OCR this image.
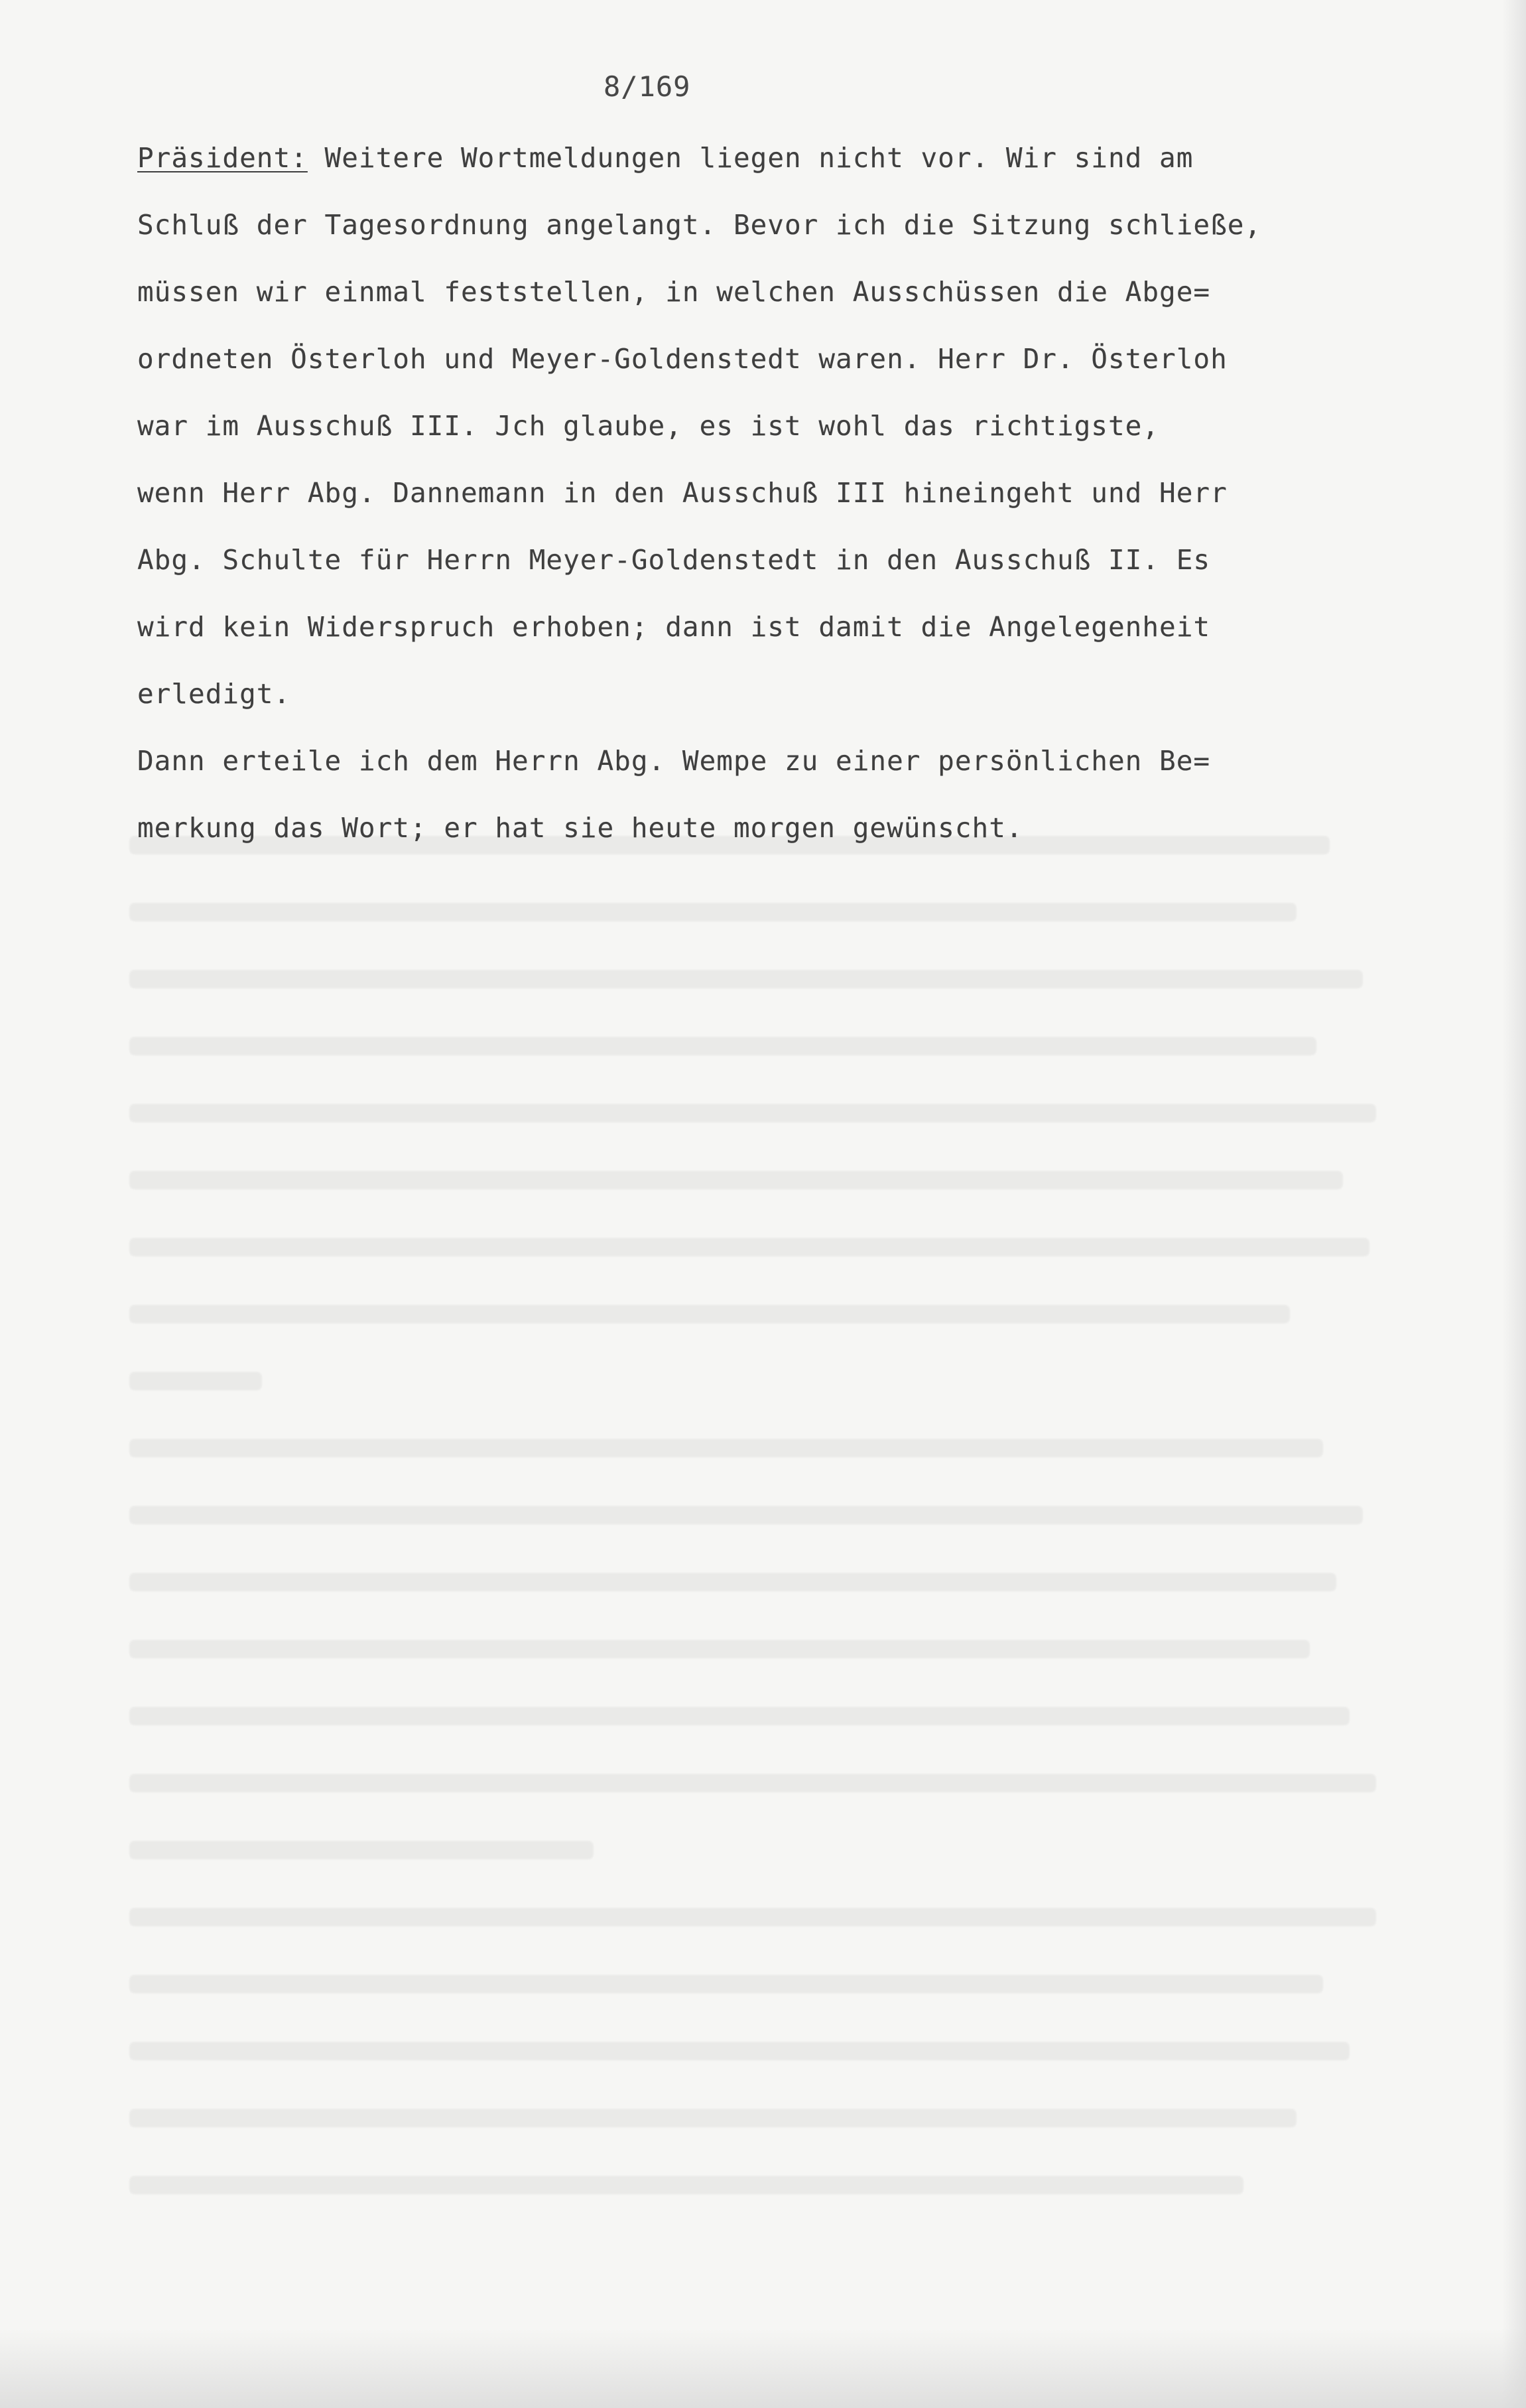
8/169
Präsident: Weitere Wortmeldungen liegen nicht vor. Wir sind am
Schluß der Tagesordnung angelangt. Bevor ich die Sitzung schließe,
müssen wir einmal feststellen, in welchen Ausschüssen die Abge=
ordneten Österloh und Meyer-Goldenstedt waren. Herr Dr. Österloh
war im Ausschuß III. Jch glaube, es ist wohl das richtigste,
wenn Herr Abg. Dannemann in den Ausschuß III hineingeht und Herr
Abg. Schulte für Herrn Meyer-Goldenstedt in den Ausschuß II. Es
wird kein Widerspruch erhoben; dann ist damit die Angelegenheit
erledigt.
Dann erteile ich dem Herrn Abg. Wempe zu einer persönlichen Be=
merkung das Wort; er hat sie heute morgen gewünscht.
